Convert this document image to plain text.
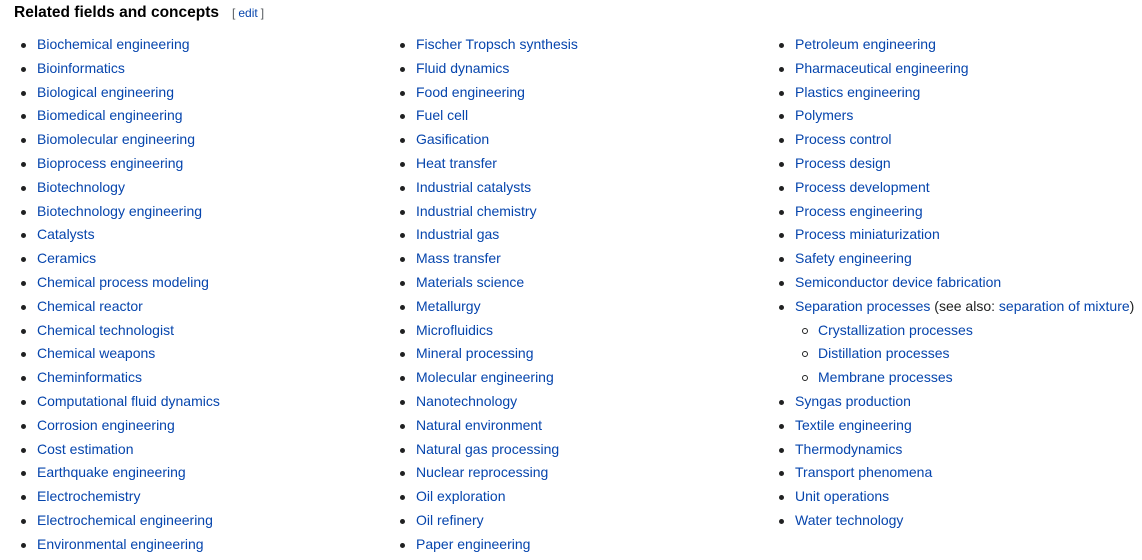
Related fields and concepts [ edit ]
Biochemical engineering
Bioinformatics
Biological engineering
Biomedical engineering
Biomolecular engineering
Bioprocess engineering
Biotechnology
Biotechnology engineering
Catalysts
Ceramics
Chemical process modeling
Chemical reactor
Chemical technologist
Chemical weapons
Cheminformatics
Computational fluid dynamics
Corrosion engineering
Cost estimation
Earthquake engineering
Electrochemistry
Electrochemical engineering
Environmental engineering
Fischer Tropsch synthesis
Fluid dynamics
Food engineering
Fuel cell
Gasification
Heat transfer
Industrial catalysts
Industrial chemistry
Industrial gas
Mass transfer
Materials science
Metallurgy
Microfluidics
Mineral processing
Molecular engineering
Nanotechnology
Natural environment
Natural gas processing
Nuclear reprocessing
Oil exploration
Oil refinery
Paper engineering
Petroleum engineering
Pharmaceutical engineering
Plastics engineering
Polymers
Process control
Process design
Process development
Process engineering
Process miniaturization
Safety engineering
Semiconductor device fabrication
Separation processes (see also: separation of mixture)
Crystallization processes
Distillation processes
Membrane processes
Syngas production
Textile engineering
Thermodynamics
Transport phenomena
Unit operations
Water technology
